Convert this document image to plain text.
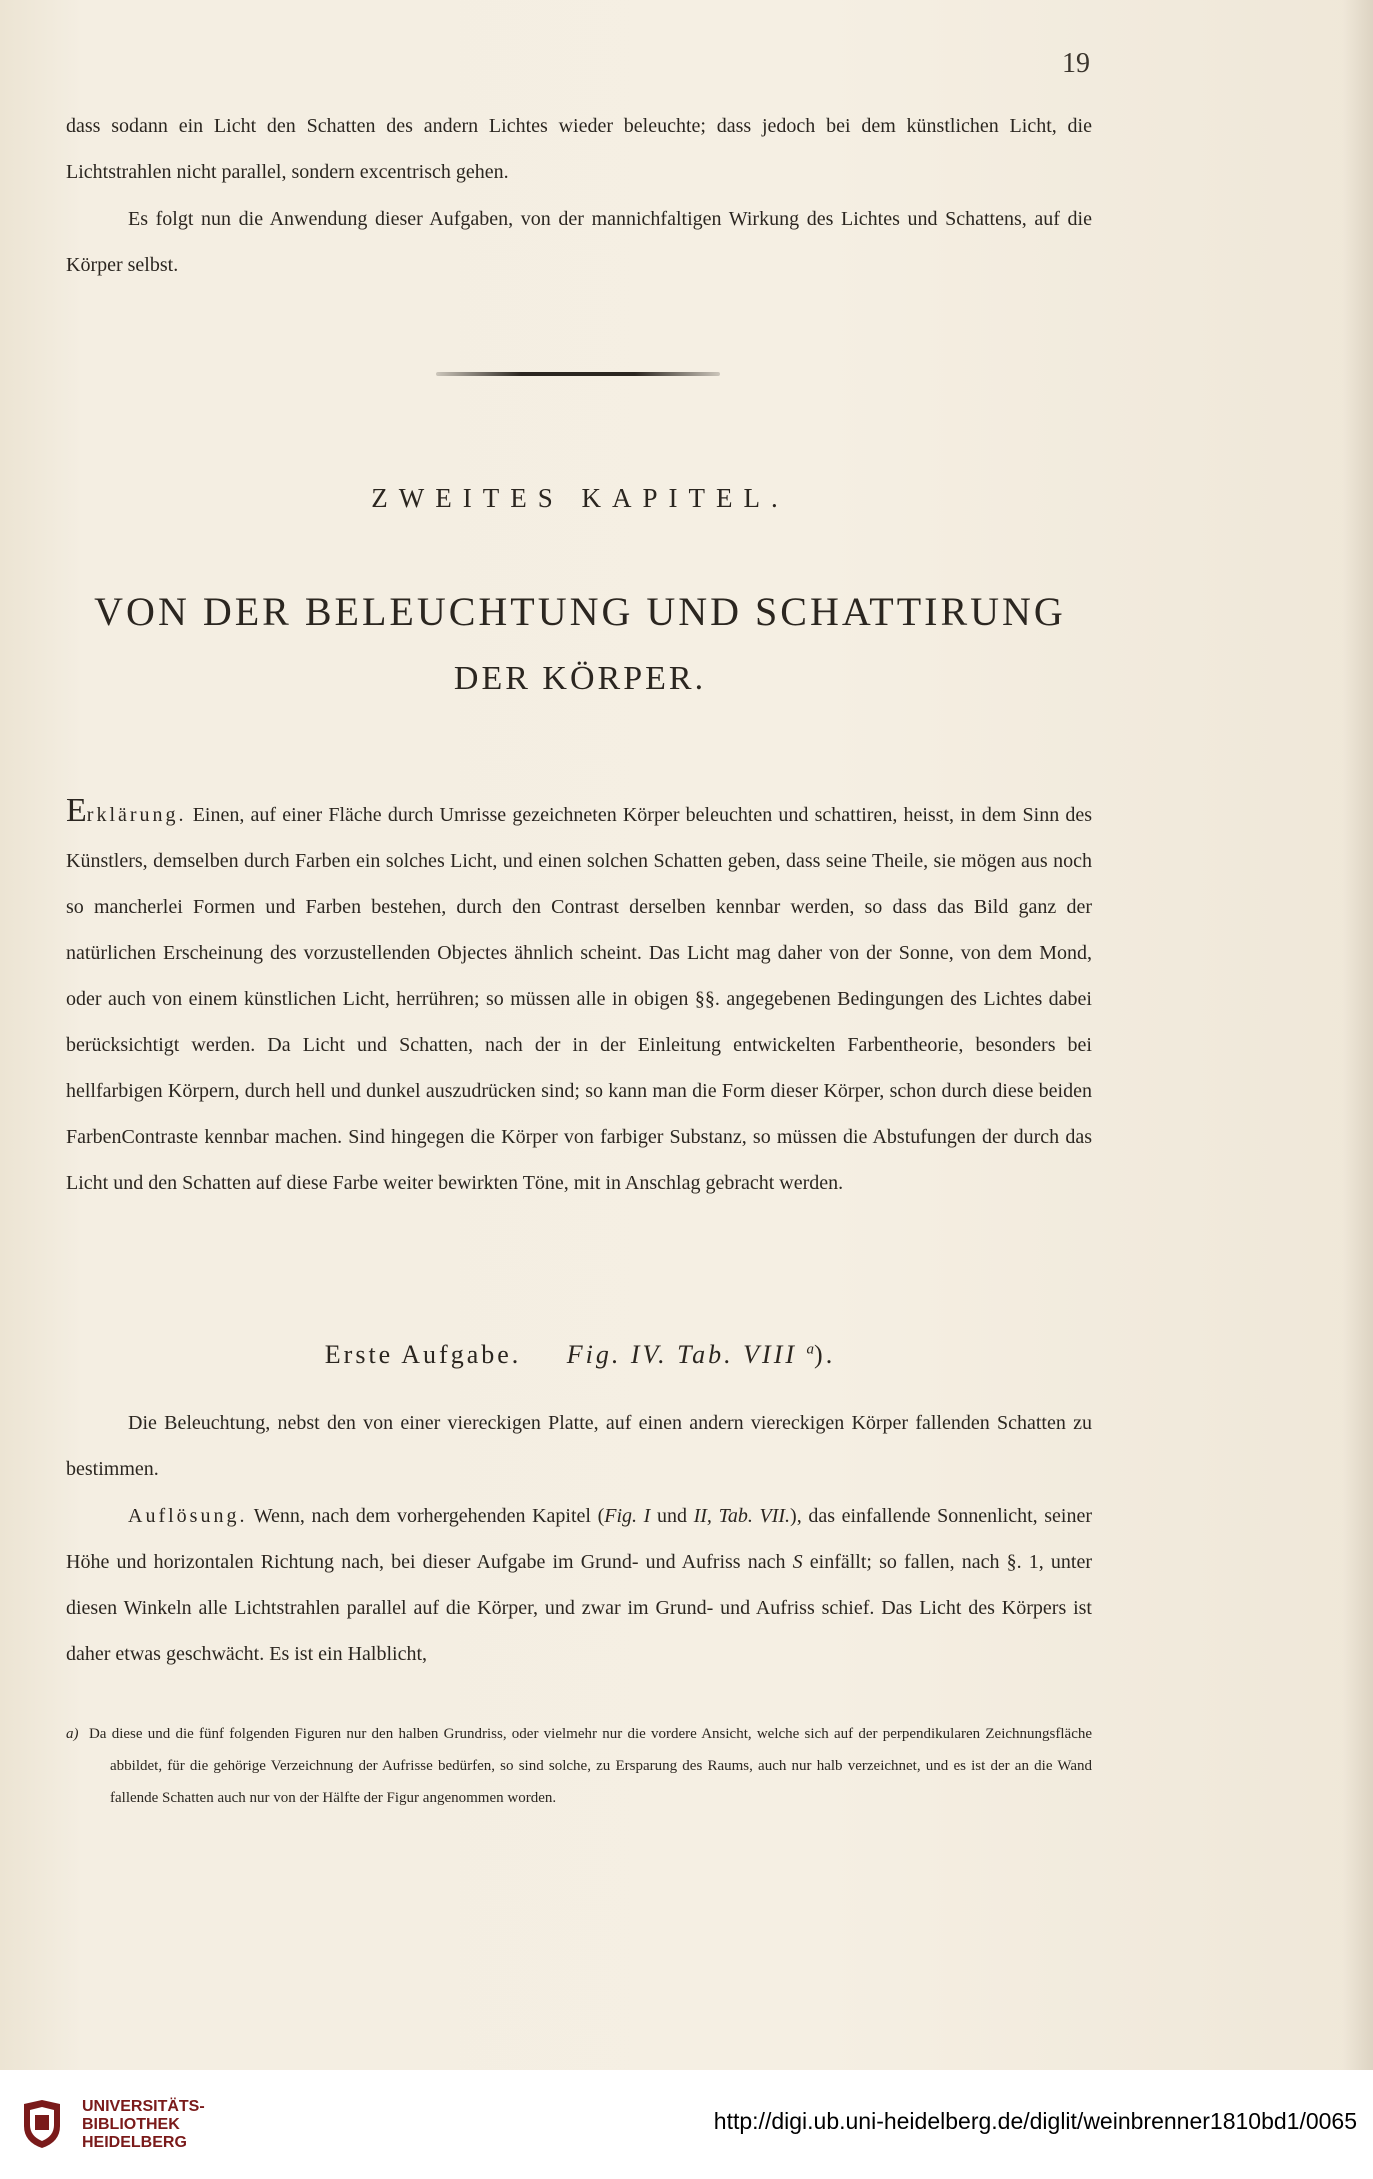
19

dass sodann ein Licht den Schatten des andern Lichtes wieder beleuchte; dass jedoch bei dem künstlichen Licht, die Lichtstrahlen nicht parallel, sondern excentrisch gehen.

Es folgt nun die Anwendung dieser Aufgaben, von der mannichfaltigen Wirkung des Lichtes und Schattens, auf die Körper selbst.

ZWEITES KAPITEL.
VON DER BELEUCHTUNG UND SCHATTIRUNG
DER KÖRPER.

Erklärung. Einen, auf einer Fläche durch Umrisse gezeichneten Körper beleuchten und schattiren, heisst, in dem Sinn des Künstlers, demselben durch Farben ein solches Licht, und einen solchen Schatten geben, dass seine Theile, sie mögen aus noch so mancherlei Formen und Farben bestehen, durch den Contrast derselben kennbar werden, so dass das Bild ganz der natürlichen Erscheinung des vorzustellenden Objectes ähnlich scheint. Das Licht mag daher von der Sonne, von dem Mond, oder auch von einem künstlichen Licht, herrühren; so müssen alle in obigen §§. angegebenen Bedingungen des Lichtes dabei berücksichtigt werden. Da Licht und Schatten, nach der in der Einleitung entwickelten Farbentheorie, besonders bei hellfarbigen Körpern, durch hell und dunkel auszudrücken sind; so kann man die Form dieser Körper, schon durch diese beiden FarbenContraste kennbar machen. Sind hingegen die Körper von farbiger Substanz, so müssen die Abstufungen der durch das Licht und den Schatten auf diese Farbe weiter bewirkten Töne, mit in Anschlag gebracht werden.

Erste Aufgabe. Fig. IV. Tab. VIII $^a$).

Die Beleuchtung, nebst den von einer viereckigen Platte, auf einen andern viereckigen Körper fallenden Schatten zu bestimmen.

Auflösung. Wenn, nach dem vorhergehenden Kapitel (Fig. I und II, Tab. VII.), das einfallende Sonnenlicht, seiner Höhe und horizontalen Richtung nach, bei dieser Aufgabe im Grund- und Aufriss nach S einfällt; so fallen, nach §. 1, unter diesen Winkeln alle Lichtstrahlen parallel auf die Körper, und zwar im Grund- und Aufriss schief. Das Licht des Körpers ist daher etwas geschwächt. Es ist ein Halblicht,

a) Da diese und die fünf folgenden Figuren nur den halben Grundriss, oder vielmehr nur die vordere Ansicht, welche sich auf der perpendikularen Zeichnungsfläche abbildet, für die gehörige Verzeichnung der Aufrisse bedürfen, so sind solche, zu Ersparung des Raums, auch nur halb verzeichnet, und es ist der an die Wand fallende Schatten auch nur von der Hälfte der Figur angenommen worden.

UNIVERSITÄTS-
BIBLIOTHEK
HEIDELBERG
http://digi.ub.uni-heidelberg.de/diglit/weinbrenner1810bd1/0065
